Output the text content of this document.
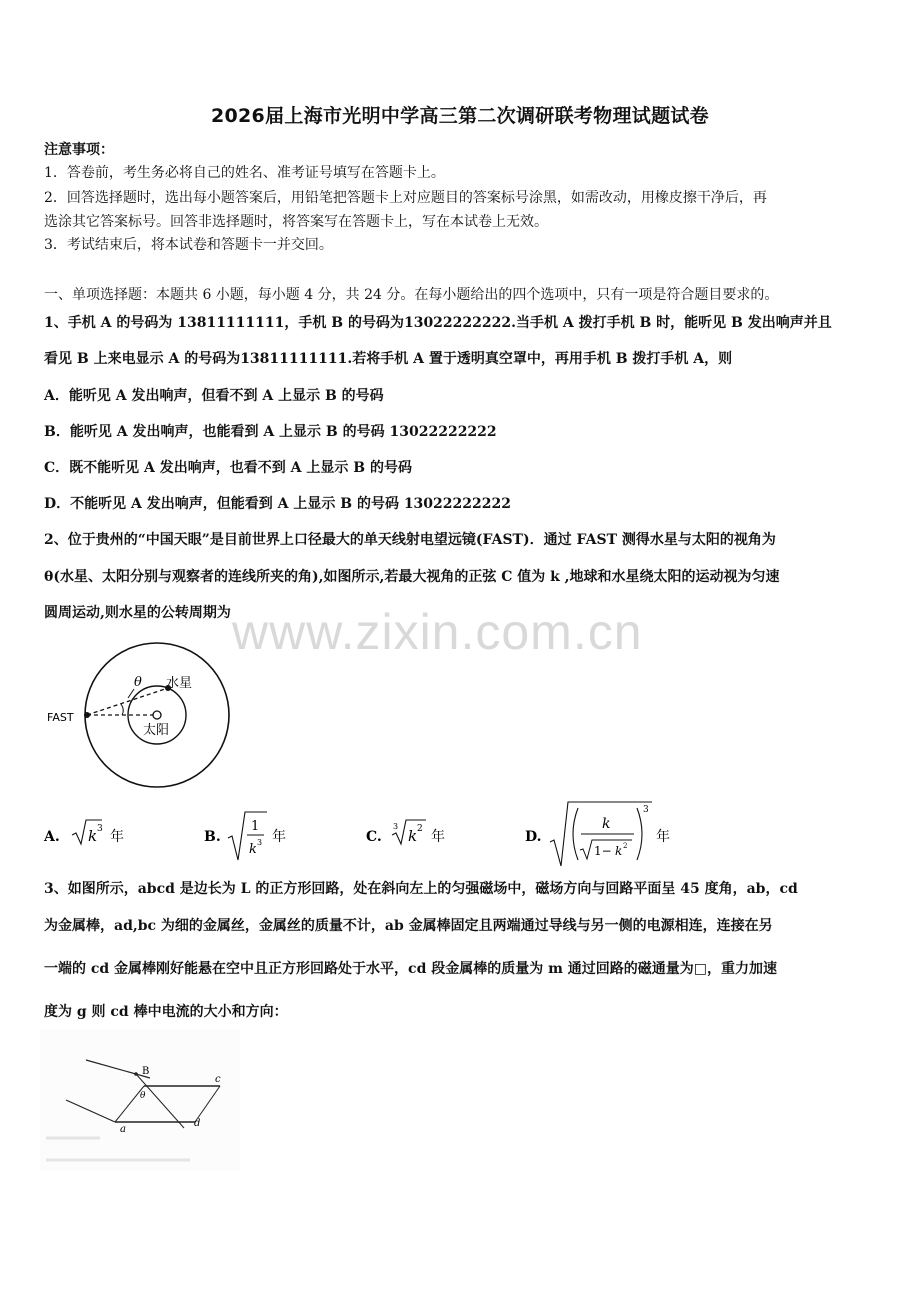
2026届上海市光明中学高三第二次调研联考物理试题试卷
注意事项：
1．答卷前，考生务必将自己的姓名、准考证号填写在答题卡上。
2．回答选择题时，选出每小题答案后，用铅笔把答题卡上对应题目的答案标号涂黑，如需改动，用橡皮擦干净后，再
选涂其它答案标号。回答非选择题时，将答案写在答题卡上，写在本试卷上无效。
3．考试结束后，将本试卷和答题卡一并交回。
一、单项选择题：本题共 6 小题，每小题 4 分，共 24 分。在每小题给出的四个选项中，只有一项是符合题目要求的。
1、手机 A 的号码为 13811111111，手机 B 的号码为13022222222.当手机 A 拨打手机 B 时，能听见 B 发出响声并且
看见 B 上来电显示 A 的号码为13811111111.若将手机 A 置于透明真空罩中，再用手机 B 拨打手机 A，则
A．能听见 A 发出响声，但看不到 A 上显示 B 的号码
B．能听见 A 发出响声，也能看到 A 上显示 B 的号码 13022222222
C．既不能听见 A 发出响声，也看不到 A 上显示 B 的号码
D．不能听见 A 发出响声，但能看到 A 上显示 B 的号码 13022222222
2、位于贵州的“中国天眼”是目前世界上口径最大的单天线射电望远镜(FAST)．通过 FAST 测得水星与太阳的视角为
θ(水星、太阳分别与观察者的连线所夹的角),如图所示,若最大视角的正弦 C 值为 k ,地球和水星绕太阳的运动视为匀速
圆周运动,则水星的公转周期为 www.zixin.com.cn
θ 水星
太阳
FAST
A. k 3 年	B.
1
k 3 年	C.
3
k 2 年	D.
k
1− k 2
3
年
3、如图所示，abcd 是边长为 L 的正方形回路，处在斜向左上的匀强磁场中，磁场方向与回路平面呈 45 度角，ab，cd
为金属棒，ad,bc 为细的金属丝，金属丝的质量不计，ab 金属棒固定且两端通过导线与另一侧的电源相连，连接在另
一端的 cd 金属棒刚好能悬在空中且正方形回路处于水平，cd 段金属棒的质量为 m 通过回路的磁通量为□，重力加速
度为 g 则 cd 棒中电流的大小和方向：
B
θ
a
c
d
